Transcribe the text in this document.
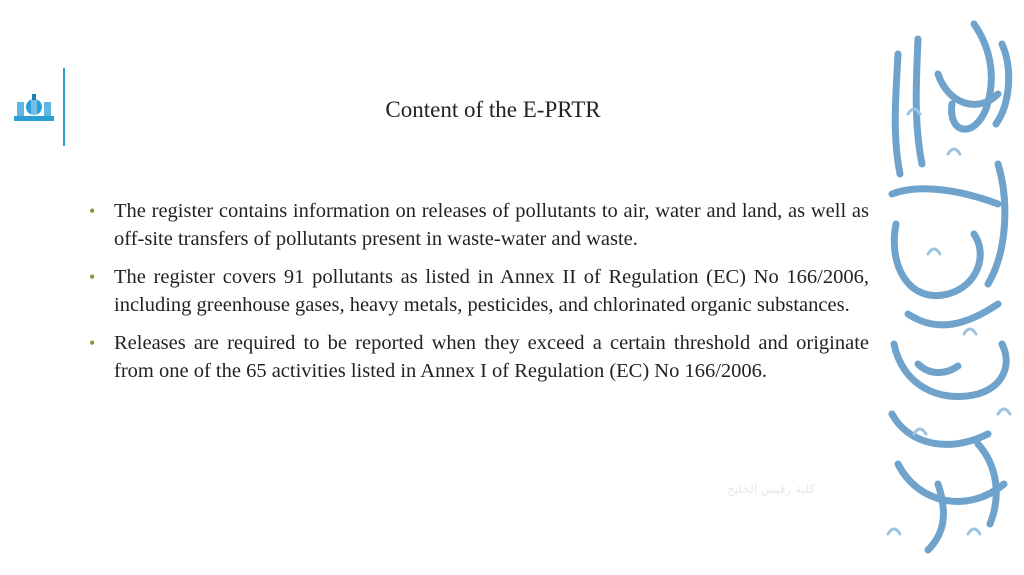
Content of the E-PRTR
• The register contains information on releases of pollutants to air, water and land, as well as off-site transfers of pollutants present in waste-water and waste.
• The register covers 91 pollutants as listed in Annex II of Regulation (EC) No 166/2006, including greenhouse gases, heavy metals, pesticides, and chlorinated organic substances.
• Releases are required to be reported when they exceed a certain threshold and originate from one of the 65 activities listed in Annex I of Regulation (EC) No 166/2006.
كلية رفيس الخليج
